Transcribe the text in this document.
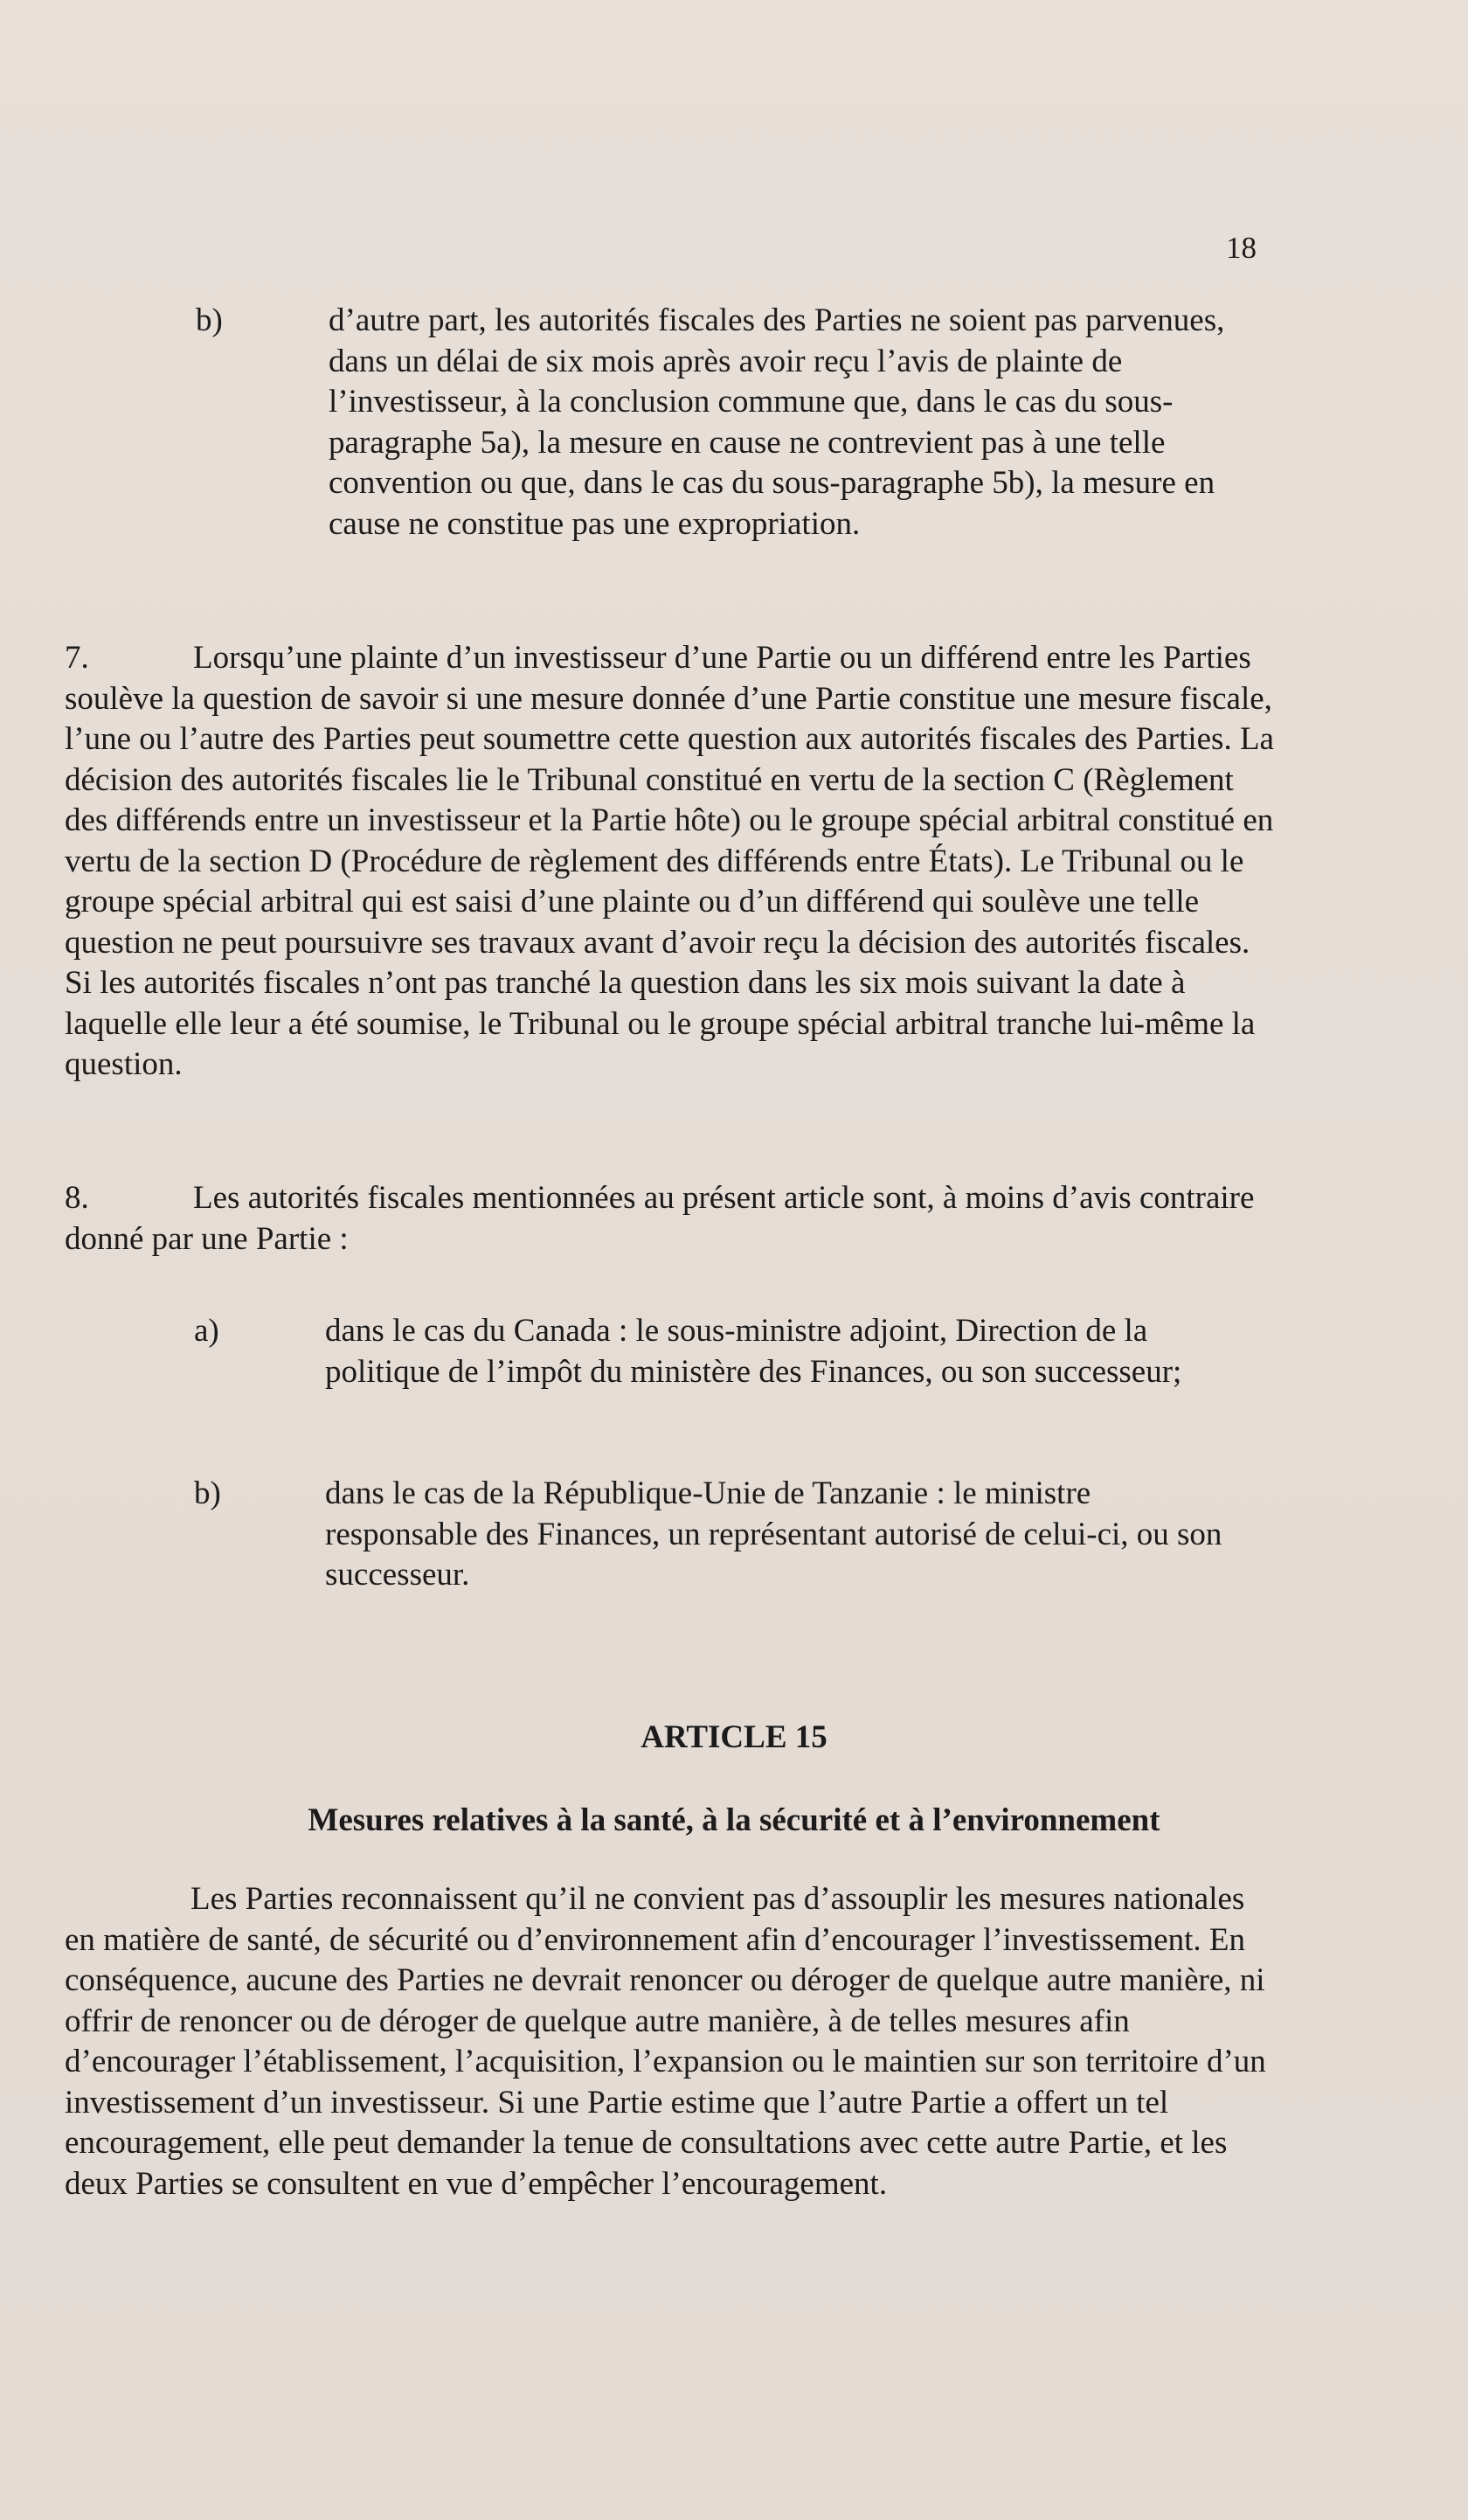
18
b)	d’autre part, les autorités fiscales des Parties ne soient pas parvenues, dans un délai de six mois après avoir reçu l’avis de plainte de l’investisseur, à la conclusion commune que, dans le cas du sous-paragraphe 5a), la mesure en cause ne contrevient pas à une telle convention ou que, dans le cas du sous-paragraphe 5b), la mesure en cause ne constitue pas une expropriation.
7.	Lorsqu’une plainte d’un investisseur d’une Partie ou un différend entre les Parties soulève la question de savoir si une mesure donnée d’une Partie constitue une mesure fiscale, l’une ou l’autre des Parties peut soumettre cette question aux autorités fiscales des Parties. La décision des autorités fiscales lie le Tribunal constitué en vertu de la section C (Règlement des différends entre un investisseur et la Partie hôte) ou le groupe spécial arbitral constitué en vertu de la section D (Procédure de règlement des différends entre États). Le Tribunal ou le groupe spécial arbitral qui est saisi d’une plainte ou d’un différend qui soulève une telle question ne peut poursuivre ses travaux avant d’avoir reçu la décision des autorités fiscales. Si les autorités fiscales n’ont pas tranché la question dans les six mois suivant la date à laquelle elle leur a été soumise, le Tribunal ou le groupe spécial arbitral tranche lui-même la question.
8.	Les autorités fiscales mentionnées au présent article sont, à moins d’avis contraire donné par une Partie :
a)	dans le cas du Canada : le sous-ministre adjoint, Direction de la politique de l’impôt du ministère des Finances, ou son successeur;
b)	dans le cas de la République-Unie de Tanzanie : le ministre responsable des Finances, un représentant autorisé de celui-ci, ou son successeur.
ARTICLE 15
Mesures relatives à la santé, à la sécurité et à l’environnement
Les Parties reconnaissent qu’il ne convient pas d’assouplir les mesures nationales en matière de santé, de sécurité ou d’environnement afin d’encourager l’investissement. En conséquence, aucune des Parties ne devrait renoncer ou déroger de quelque autre manière, ni offrir de renoncer ou de déroger de quelque autre manière, à de telles mesures afin d’encourager l’établissement, l’acquisition, l’expansion ou le maintien sur son territoire d’un investissement d’un investisseur. Si une Partie estime que l’autre Partie a offert un tel encouragement, elle peut demander la tenue de consultations avec cette autre Partie, et les deux Parties se consultent en vue d’empêcher l’encouragement.
